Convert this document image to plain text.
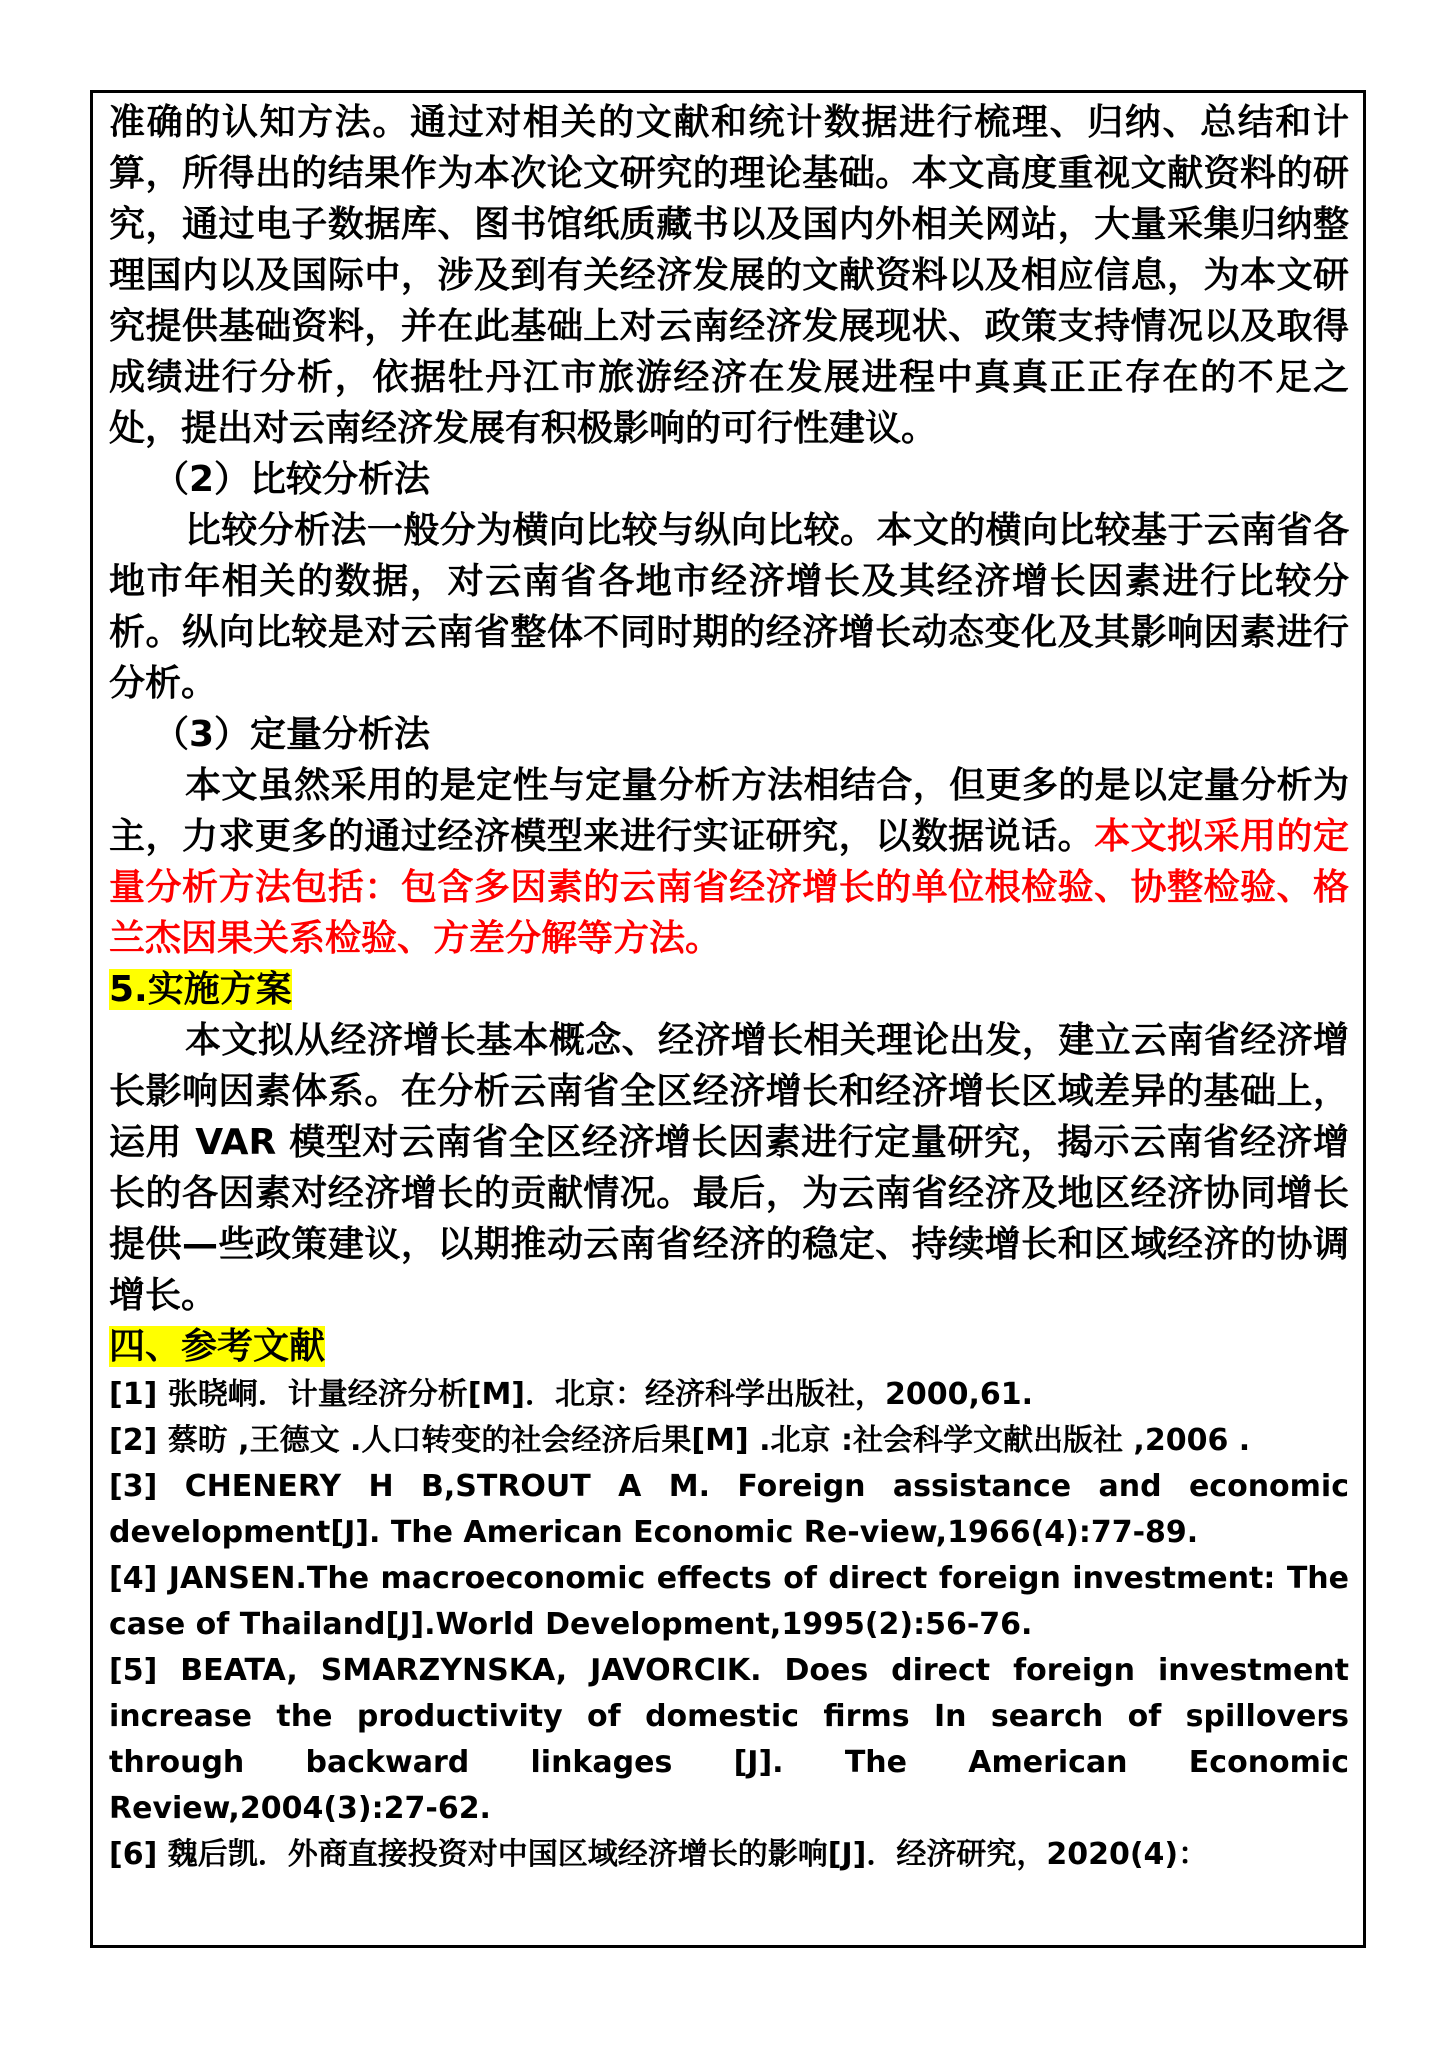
准确的认知方法。通过对相关的文献和统计数据进行梳理、归纳、总结和计算，所得出的结果作为本次论文研究的理论基础。本文高度重视文献资料的研究，通过电子数据库、图书馆纸质藏书以及国内外相关网站，大量采集归纳整理国内以及国际中，涉及到有关经济发展的文献资料以及相应信息，为本文研究提供基础资料，并在此基础上对云南经济发展现状、政策支持情况以及取得成绩进行分析，依据牡丹江市旅游经济在发展进程中真真正正存在的不足之处，提出对云南经济发展有积极影响的可行性建议。

（2）比较分析法

比较分析法一般分为横向比较与纵向比较。本文的横向比较基于云南省各地市年相关的数据，对云南省各地市经济增长及其经济增长因素进行比较分析。纵向比较是对云南省整体不同时期的经济增长动态变化及其影响因素进行分析。

（3）定量分析法

本文虽然采用的是定性与定量分析方法相结合，但更多的是以定量分析为主，力求更多的通过经济模型来进行实证研究，以数据说话。本文拟采用的定量分析方法包括：包含多因素的云南省经济增长的单位根检验、协整检验、格兰杰因果关系检验、方差分解等方法。

5.实施方案

本文拟从经济增长基本概念、经济增长相关理论出发，建立云南省经济增长影响因素体系。在分析云南省全区经济增长和经济增长区域差异的基础上，运用 VAR 模型对云南省全区经济增长因素进行定量研究，揭示云南省经济增长的各因素对经济增长的贡献情况。最后，为云南省经济及地区经济协同增长提供—些政策建议，以期推动云南省经济的稳定、持续增长和区域经济的协调增长。

四、参考文献

[1] 张晓峒．计量经济分析[M]．北京：经济科学出版社，2000,61.

[2] 蔡昉 ,王德文 .人口转变的社会经济后果[M] .北京 :社会科学文献出版社 ,2006 .

[3] CHENERY H B,STROUT A M. Foreign assistance and economic development[J]. The American Economic Re-view,1966(4):77-89.

[4] JANSEN.The macroeconomic effects of direct foreign investment: The case of Thailand[J].World Development,1995(2):56-76.

[5] BEATA, SMARZYNSKA, JAVORCIK. Does direct foreign investment increase the productivity of domestic firms In search of spillovers through backward linkages [J]. The American Economic Review,2004(3):27-62.

[6] 魏后凯．外商直接投资对中国区域经济增长的影响[J]．经济研究，2020(4)：
